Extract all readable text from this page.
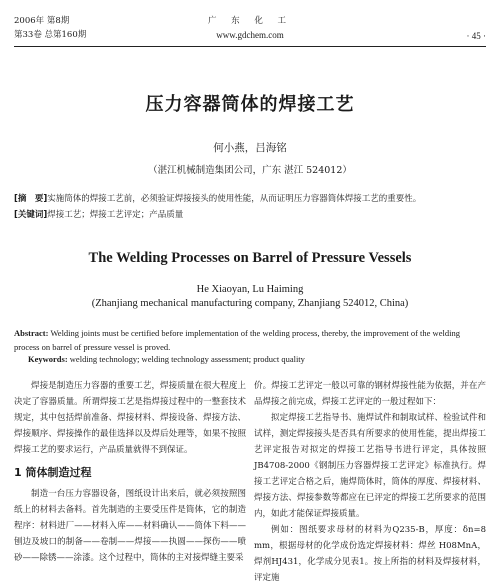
2006年 第8期
第33卷 总第160期
广 东 化 工
www.gdchem.com	· 45 ·
压力容器筒体的焊接工艺
何小燕，吕海铭
（湛江机械制造集团公司，广东 湛江 524012）
[摘　要]实施筒体的焊接工艺前，必须验证焊接接头的使用性能，从而证明压力容器筒体焊接工艺的重要性。
[关键词]焊接工艺；焊接工艺评定；产品质量
The Welding Processes on Barrel of Pressure Vessels
He Xiaoyan, Lu Haiming
(Zhanjiang mechanical manufacturing company, Zhanjiang 524012, China)
Abstract: Welding joints must be certified before implementation of the welding process, thereby, the improvement of the welding process on barrel of pressure vessel is proved.
Keywords: welding technology; welding technology assessment; product quality

焊接是制造压力容器的重要工艺，焊接质量在很大程度上决定了容器质量。所谓焊接工艺是指焊接过程中的一整套技术规定，其中包括焊前准备、焊接材料、焊接设备、焊接方法、焊接顺序、焊接操作的最佳选择以及焊后处理等，如果不按照焊接工艺的要求运行，产品质量就得不到保证。

1 筒体制造过程

制造一台压力容器设备，图纸设计出来后，就必须按照图纸上的材料去备料。首先制造的主要受压件是筒体，它的制造程序：材料进厂——材料入库——材料确认——筒体下料——刨边及坡口的制备——卷制——焊接——执圆——探伤——喷砂——除锈——涂漆。这个过程中，筒体的主对接焊缝主要采

价。焊接工艺评定一般以可靠的钢材焊接性能为依据，并在产品焊接之前完成，焊接工艺评定的一般过程如下：

拟定焊接工艺指导书、施焊试件和制取试样、检验试件和试样，测定焊接接头是否具有所要求的使用性能，提出焊接工艺评定报告对拟定的焊接工艺指导书进行评定，具体按照JB4708-2000《钢制压力容器焊接工艺评定》标准执行。焊接工艺评定合格之后，施焊筒体时，筒体的厚度、焊接材料、焊接方法、焊接参数等都应在已评定的焊接工艺所要求的范围内，如此才能保证焊接质量。

例如：图纸要求母材的材料为Q235-B，厚度：δn=8 mm，根据母材的化学成份选定焊接材料：焊丝 H08MnA，焊剂HJ431，化学成分见表1。按上所指的材料及焊接材料，评定施
